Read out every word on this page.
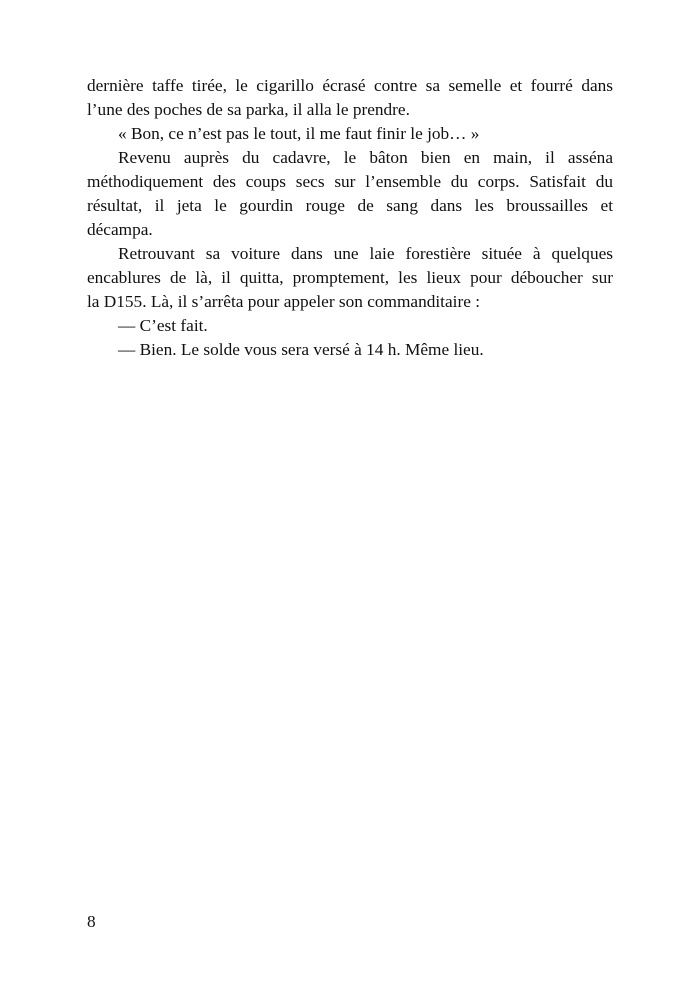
dernière taffe tirée, le cigarillo écrasé contre sa semelle et fourré dans
l’une des poches de sa parka, il alla le prendre.
« Bon, ce n’est pas le tout, il me faut finir le job… »
Revenu auprès du cadavre, le bâton bien en main, il asséna
méthodiquement des coups secs sur l’ensemble du corps. Satisfait du
résultat, il jeta le gourdin rouge de sang dans les broussailles et
décampa.
Retrouvant sa voiture dans une laie forestière située à quelques
encablures de là, il quitta, promptement, les lieux pour déboucher sur
la D155. Là, il s’arrêta pour appeler son commanditaire :
— C’est fait.
— Bien. Le solde vous sera versé à 14 h. Même lieu.
8
